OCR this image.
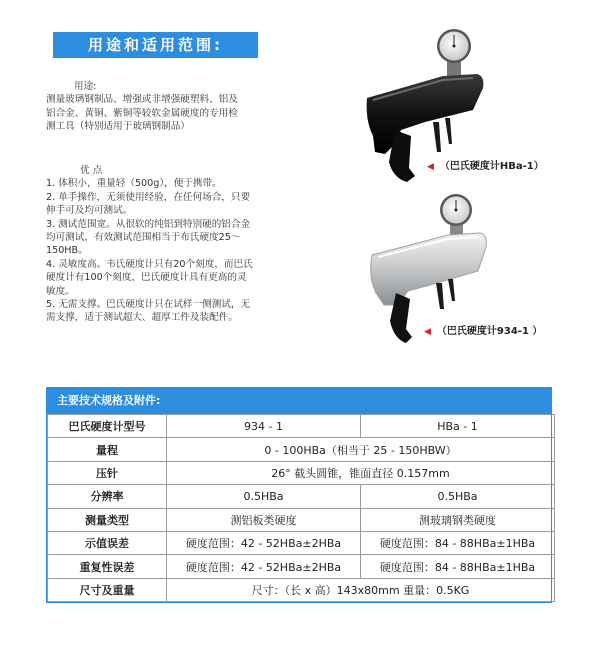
用途和适用范围:
用途:
测量玻璃钢制品、增强或非增强硬塑料、铝及
铝合金、黄铜、紫铜等较软金属硬度的专用检
测工具（特别适用于玻璃钢制品）
优 点
1. 体积小，重量轻（500g），便于携带。
2. 单手操作，无须使用经验，在任何场合，只要
伸手可及均可测试。
3. 测试范围宽。从很软的纯铝到特别硬的铝合金
均可测试，有效测试范围相当于布氏硬度25～
150HB。
4. 灵敏度高。韦氏硬度计只有20个刻度，而巴氏
硬度计有100个刻度，巴氏硬度计具有更高的灵
敏度。
5. 无需支撑。巴氏硬度计只在试样一侧测试，无
需支撑，适于测试超大、超厚工件及装配件。
◀ （巴氏硬度计HBa-1）
◀ （巴氏硬度计934-1 ）
主要技术规格及附件:
巴氏硬度计型号	934 - 1	HBa - 1
量程	0 - 100HBa（相当于 25 - 150HBW）	
压针	26° 截头圆锥，锥面直径 0.157mm	
分辨率	0.5HBa	0.5HBa
测量类型	测铝板类硬度	测玻璃钢类硬度
示值误差	硬度范围：42 - 52HBa±2HBa	硬度范围：84 - 88HBa±1HBa
重复性误差	硬度范围：42 - 52HBa±2HBa	硬度范围：84 - 88HBa±1HBa
尺寸及重量	尺寸：（长 x 高）143x80mm 重量：0.5KG	
